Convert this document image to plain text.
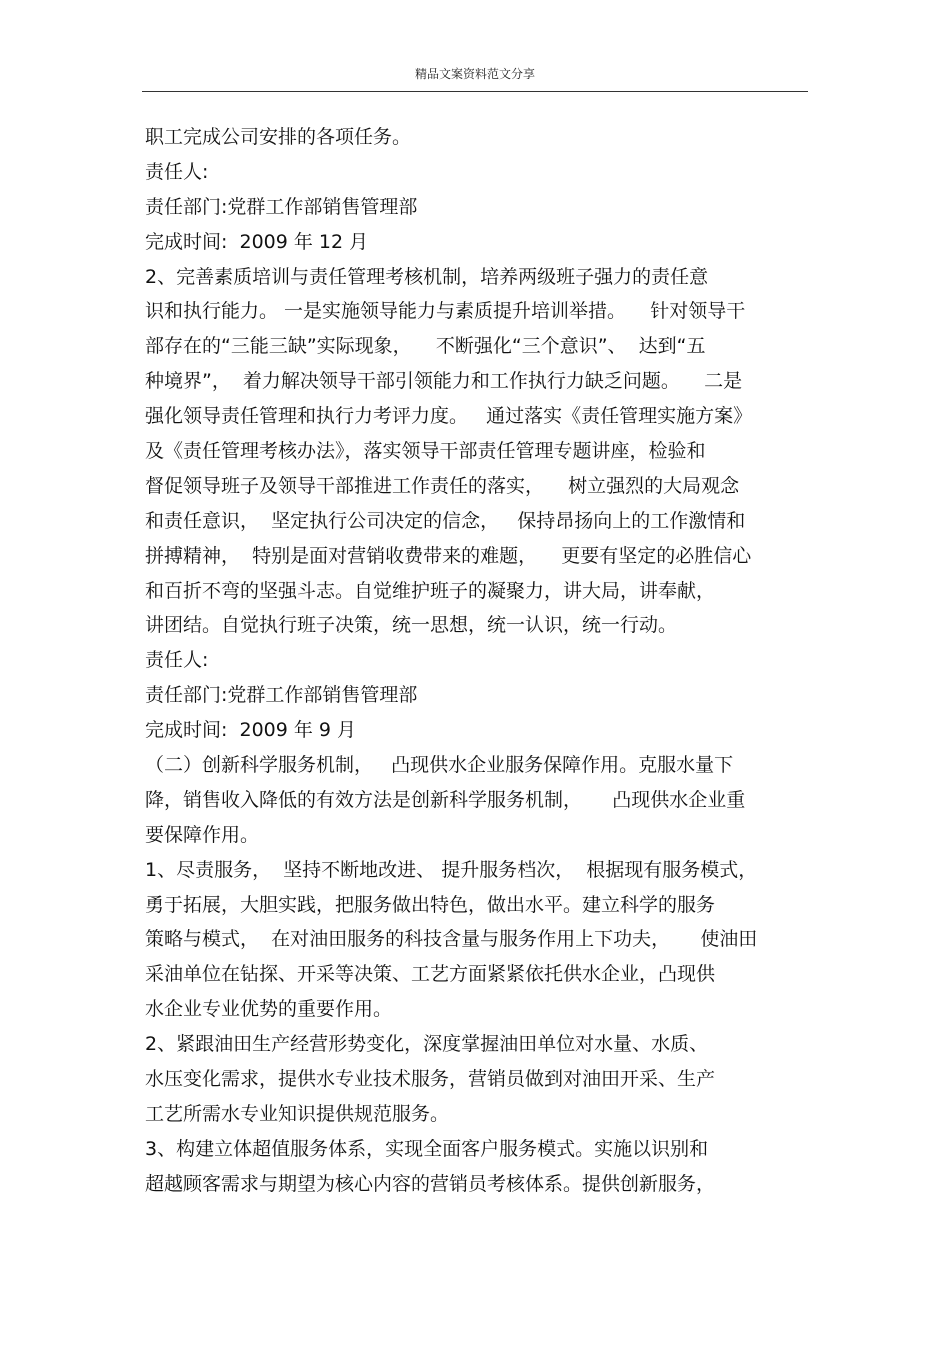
精品文案资料范文分享
职工完成公司安排的各项任务。
责任人:
责任部门:党群工作部销售管理部
完成时间:  2009 年 12 月
2、完善素质培训与责任管理考核机制，培养两级班子强力的责任意
识和执行能力。 一是实施领导能力与素质提升培训举措。    针对领导干
部存在的“三能三缺”实际现象，    不断强化“三个意识”、  达到“五
种境界”，  着力解决领导干部引领能力和工作执行力缺乏问题。    二是
强化领导责任管理和执行力考评力度。   通过落实《责任管理实施方案》
及《责任管理考核办法》，落实领导干部责任管理专题讲座，检验和
督促领导班子及领导干部推进工作责任的落实，    树立强烈的大局观念
和责任意识，  坚定执行公司决定的信念，   保持昂扬向上的工作激情和
拼搏精神，  特别是面对营销收费带来的难题，    更要有坚定的必胜信心
和百折不弯的坚强斗志。自觉维护班子的凝聚力，讲大局，讲奉献，
讲团结。自觉执行班子决策，统一思想，统一认识，统一行动。
责任人:
责任部门:党群工作部销售管理部
完成时间:  2009 年 9 月
（二）创新科学服务机制，   凸现供水企业服务保障作用。克服水量下
降，销售收入降低的有效方法是创新科学服务机制，     凸现供水企业重
要保障作用。
1、尽责服务，  坚持不断地改进、 提升服务档次，  根据现有服务模式，
勇于拓展，大胆实践，把服务做出特色，做出水平。建立科学的服务
策略与模式，  在对油田服务的科技含量与服务作用上下功夫，     使油田
采油单位在钻探、开采等决策、工艺方面紧紧依托供水企业，凸现供
水企业专业优势的重要作用。
2、紧跟油田生产经营形势变化，深度掌握油田单位对水量、水质、
水压变化需求，提供水专业技术服务，营销员做到对油田开采、生产
工艺所需水专业知识提供规范服务。
3、构建立体超值服务体系，实现全面客户服务模式。实施以识别和
超越顾客需求与期望为核心内容的营销员考核体系。提供创新服务，
